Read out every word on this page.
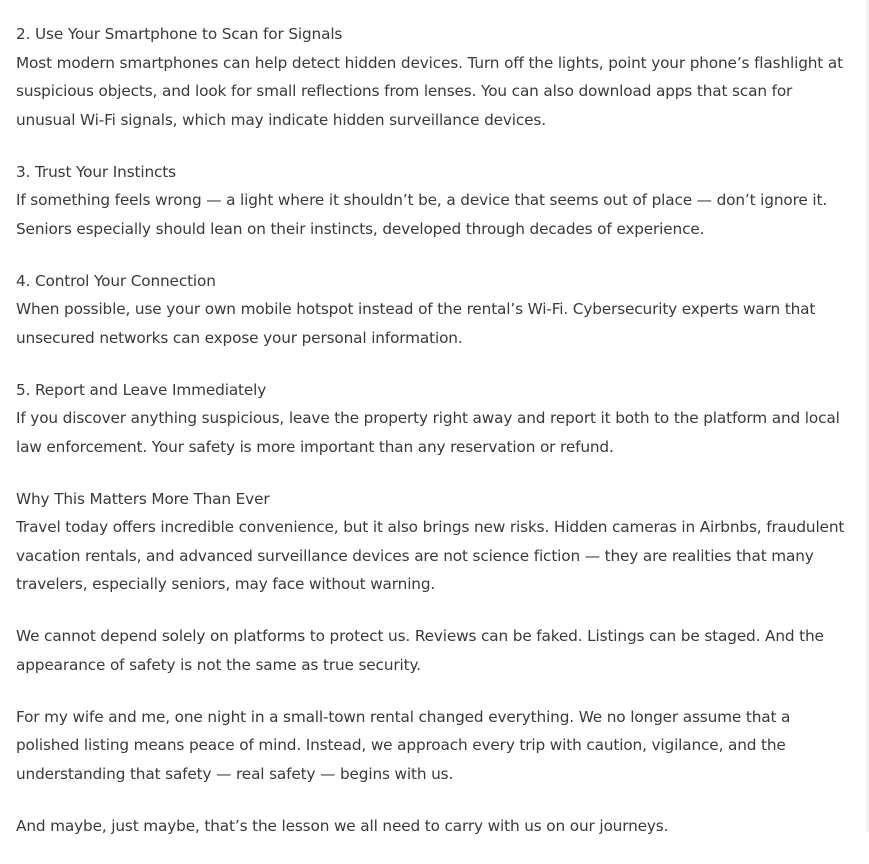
2. Use Your Smartphone to Scan for Signals
Most modern smartphones can help detect hidden devices. Turn off the lights, point your phone’s flashlight at suspicious objects, and look for small reflections from lenses. You can also download apps that scan for unusual Wi-Fi signals, which may indicate hidden surveillance devices.

3. Trust Your Instincts
If something feels wrong — a light where it shouldn’t be, a device that seems out of place — don’t ignore it. Seniors especially should lean on their instincts, developed through decades of experience.

4. Control Your Connection
When possible, use your own mobile hotspot instead of the rental’s Wi-Fi. Cybersecurity experts warn that unsecured networks can expose your personal information.

5. Report and Leave Immediately
If you discover anything suspicious, leave the property right away and report it both to the platform and local law enforcement. Your safety is more important than any reservation or refund.

Why This Matters More Than Ever
Travel today offers incredible convenience, but it also brings new risks. Hidden cameras in Airbnbs, fraudulent vacation rentals, and advanced surveillance devices are not science fiction — they are realities that many travelers, especially seniors, may face without warning.

We cannot depend solely on platforms to protect us. Reviews can be faked. Listings can be staged. And the appearance of safety is not the same as true security.

For my wife and me, one night in a small-town rental changed everything. We no longer assume that a polished listing means peace of mind. Instead, we approach every trip with caution, vigilance, and the understanding that safety — real safety — begins with us.

And maybe, just maybe, that’s the lesson we all need to carry with us on our journeys.
